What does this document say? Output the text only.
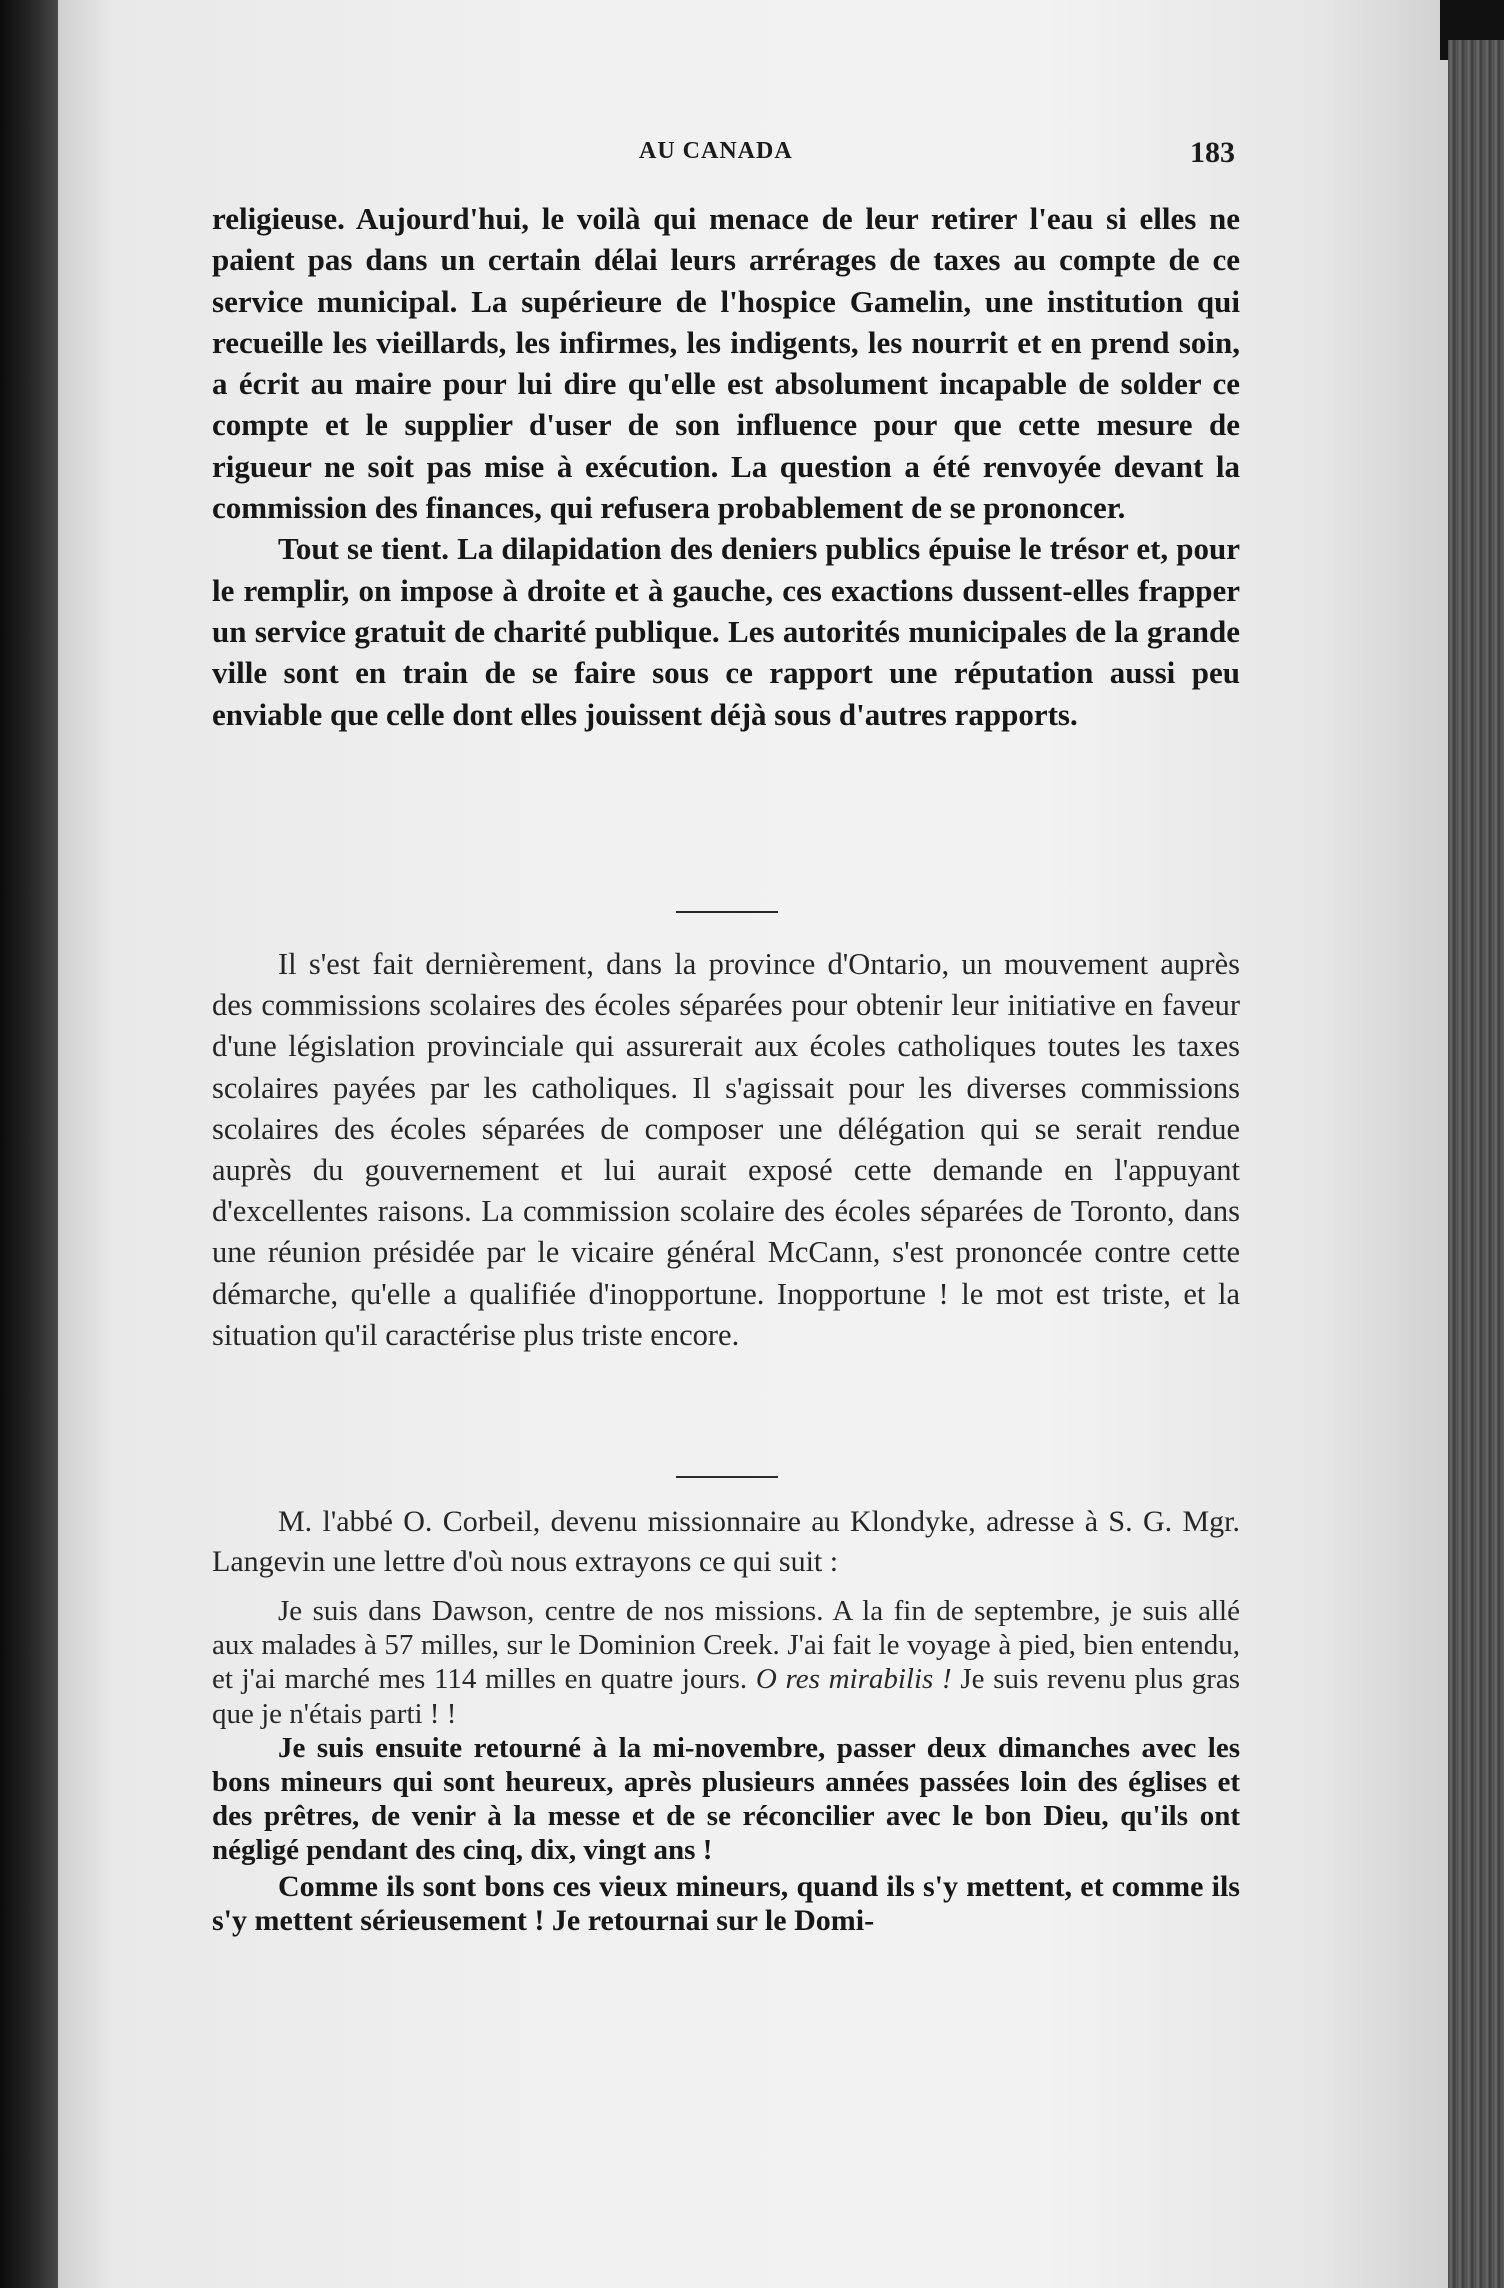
AU CANADA	183

religieuse. Aujourd'hui, le voilà qui menace de leur retirer l'eau si elles ne paient pas dans un certain délai leurs arrérages de taxes au compte de ce service municipal. La supérieure de l'hospice Gamelin, une institution qui recueille les vieillards, les infirmes, les indigents, les nourrit et en prend soin, a écrit au maire pour lui dire qu'elle est absolument incapable de solder ce compte et le supplier d'user de son influence pour que cette mesure de rigueur ne soit pas mise à exécution. La question a été renvoyée devant la commission des finances, qui refusera probablement de se prononcer.

Tout se tient. La dilapidation des deniers publics épuise le trésor et, pour le remplir, on impose à droite et à gauche, ces exactions dussent-elles frapper un service gratuit de charité publique. Les autorités municipales de la grande ville sont en train de se faire sous ce rapport une réputation aussi peu enviable que celle dont elles jouissent déjà sous d'autres rapports.

Il s'est fait dernièrement, dans la province d'Ontario, un mouvement auprès des commissions scolaires des écoles séparées pour obtenir leur initiative en faveur d'une législation provinciale qui assurerait aux écoles catholiques toutes les taxes scolaires payées par les catholiques. Il s'agissait pour les diverses commissions scolaires des écoles séparées de composer une délégation qui se serait rendue auprès du gouvernement et lui aurait exposé cette demande en l'appuyant d'excellentes raisons. La commission scolaire des écoles séparées de Toronto, dans une réunion présidée par le vicaire général McCann, s'est prononcée contre cette démarche, qu'elle a qualifiée d'inopportune. Inopportune ! le mot est triste, et la situation qu'il caractérise plus triste encore.

M. l'abbé O. Corbeil, devenu missionnaire au Klondyke, adresse à S. G. Mgr. Langevin une lettre d'où nous extrayons ce qui suit :

Je suis dans Dawson, centre de nos missions. A la fin de septembre, je suis allé aux malades à 57 milles, sur le Dominion Creek. J'ai fait le voyage à pied, bien entendu, et j'ai marché mes 114 milles en quatre jours. O res mirabilis ! Je suis revenu plus gras que je n'étais parti ! !

Je suis ensuite retourné à la mi-novembre, passer deux dimanches avec les bons mineurs qui sont heureux, après plusieurs années passées loin des églises et des prêtres, de venir à la messe et de se réconcilier avec le bon Dieu, qu'ils ont négligé pendant des cinq, dix, vingt ans !

Comme ils sont bons ces vieux mineurs, quand ils s'y mettent, et comme ils s'y mettent sérieusement ! Je retournai sur le Domi-
